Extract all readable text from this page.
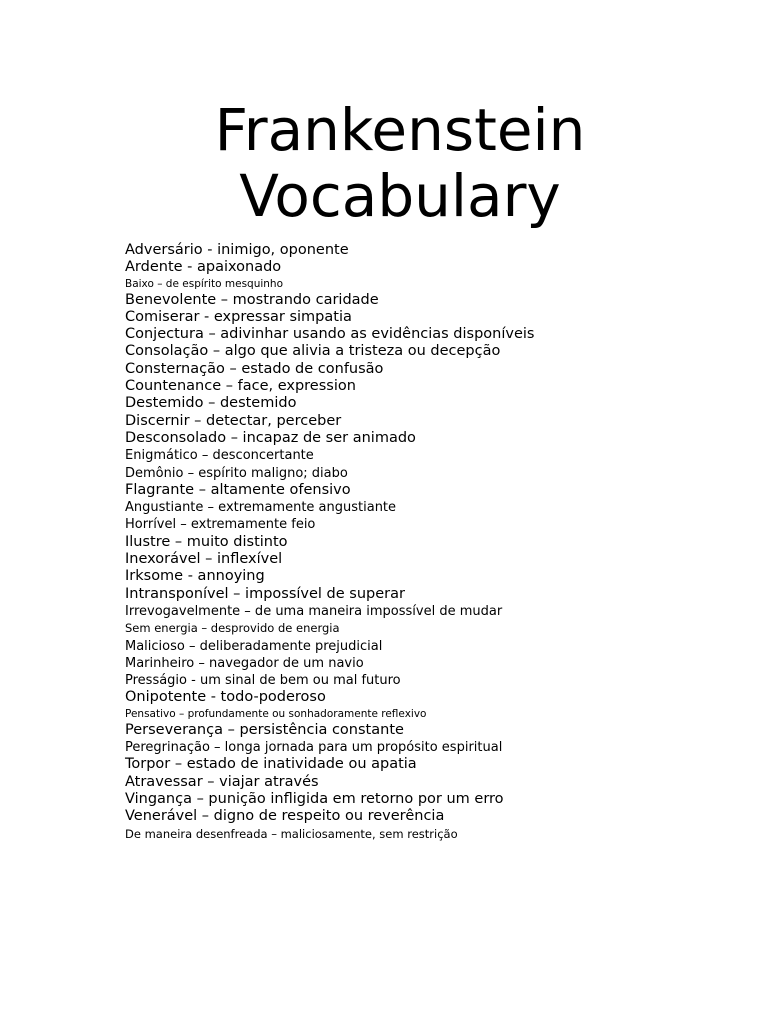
Frankenstein
Vocabulary
Adversário - inimigo, oponente
Ardente - apaixonado
Baixo – de espírito mesquinho
Benevolente – mostrando caridade
Comiserar - expressar simpatia
Conjectura – adivinhar usando as evidências disponíveis
Consolação – algo que alivia a tristeza ou decepção
Consternação – estado de confusão
Countenance – face, expression
Destemido – destemido
Discernir – detectar, perceber
Desconsolado – incapaz de ser animado
Enigmático – desconcertante
Demônio – espírito maligno; diabo
Flagrante – altamente ofensivo
Angustiante – extremamente angustiante
Horrível – extremamente feio
Ilustre – muito distinto
Inexorável – inflexível
Irksome - annoying
Intransponível – impossível de superar
Irrevogavelmente – de uma maneira impossível de mudar
Sem energia – desprovido de energia
Malicioso – deliberadamente prejudicial
Marinheiro – navegador de um navio
Presságio - um sinal de bem ou mal futuro
Onipotente - todo-poderoso
Pensativo – profundamente ou sonhadoramente reflexivo
Perseverança – persistência constante
Peregrinação – longa jornada para um propósito espiritual
Torpor – estado de inatividade ou apatia
Atravessar – viajar através
Vingança – punição infligida em retorno por um erro
Venerável – digno de respeito ou reverência
De maneira desenfreada – maliciosamente, sem restrição
